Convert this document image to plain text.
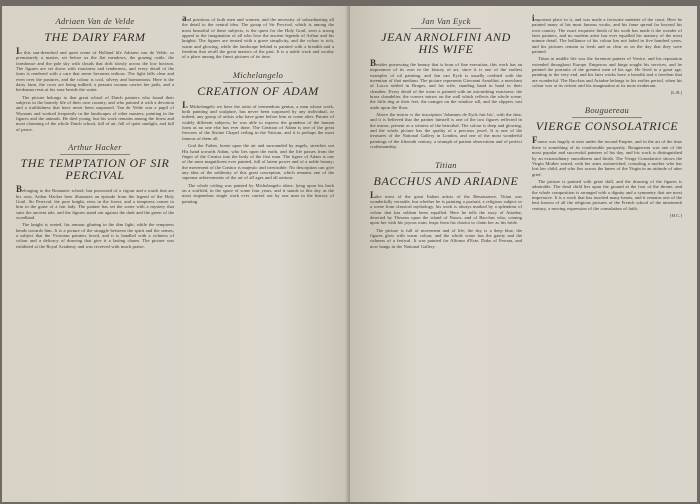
Adriaen Van de Velde
THE DAIRY FARM

In this sun-drenched and quiet scene of Holland life Adriaen van de Velde, so prematurely a master, set before us the flat meadows, the grazing cattle, the farmhouse and the pale sky with clouds that drift slowly across the low horizon. The figures are set down with exactness and tenderness, and every detail of the farm is rendered with a care that never becomes tedious. The light falls clear and even over the pastures, and the colour is cool, silvery and harmonious. Here is the dairy farm, the cows are being milked, a peasant woman carries her pails, and a herdsman rests at his ease beside the water.

The picture belongs to that great school of Dutch painters who found their subjects in the homely life of their own country, and who painted it with a devotion and a truthfulness that have never been surpassed. Van de Velde was a pupil of Wynants and worked frequently in the landscapes of other masters, painting in the figures and the animals. He died young, but his work remains among the finest and most charming of the whole Dutch school, full of air, full of quiet sunlight, and full of peace.

Arthur Hacker
THE TEMPTATION OF SIR PERCIVAL

Belonging to the Romantic school, but possessed of a vigour and a touch that are his own, Arthur Hacker here illustrates an episode from the legend of the Holy Grail. Sir Percival, the pure knight, rests in the forest, and a temptress comes to him in the guise of a fair lady. The painter has set the scene with a mystery that suits the ancient tale, and the figures stand out against the dark and the green of the woodland.

The knight is seated, his armour glinting in the dim light, while the temptress bends towards him. It is a picture of the struggle between the spirit and the senses, a subject that the Victorian painters loved, and it is handled with a richness of colour and a delicacy of drawing that give it a lasting charm. The picture was exhibited at the Royal Academy and was received with much praise.

and positions of both men and women, and the necessity of subordinating all the detail to the central idea. The group of Sir Percival, which is among the most beautiful of these subjects, is the quest for the Holy Grail, seen a strong appeal to the imagination of all who love the ancient legends of Arthur and his knights. The figures are treated with a grave simplicity, and the colour is rich, warm and glowing, while the landscape behind is painted with a breadth and a freedom that recall the great masters of the past. It is a noble work and worthy of a place among the finest pictures of its time.

Michelangelo
CREATION OF ADAM

In Michelangelo we have the artist of tremendous genius, a man whose work, both painting and sculpture, has never been surpassed by any individual, or indeed, any group of artists who have gone before him or come after. Painter of widely different subjects, he was able to express the grandeur of the human form as no one else has ever done. The Creation of Adam is one of the great frescoes of the Sistine Chapel ceiling in the Vatican, and it is perhaps the most famous of them all.

God the Father, borne upon the air and surrounded by angels, stretches out His hand towards Adam, who lies upon the earth, and the life passes from the finger of the Creator into the body of the first man. The figure of Adam is one of the most magnificent ever painted, full of latent power and of a noble beauty; the movement of the Creator is majestic and irresistible. No description can give any idea of the sublimity of this great conception, which remains one of the supreme achievements of the art of all ages and all nations.

The whole ceiling was painted by Michelangelo alone, lying upon his back on a scaffold, in the space of some four years, and it stands to this day as the most stupendous single work ever carried out by one man in the history of painting.

Jan Van Eyck
JEAN ARNOLFINI AND HIS WIFE

Besides possessing the beauty that is born of fine execution, this work has an importance of its own in the history of art, since it is one of the earliest examples of oil painting, and Jan van Eyck is usually credited with the invention of that medium. The picture represents Giovanni Arnolfini, a merchant of Lucca settled in Bruges, and his wife, standing hand in hand in their chamber. Every detail of the room is painted with an astonishing exactness: the brass chandelier, the convex mirror on the wall which reflects the whole scene, the little dog at their feet, the oranges on the window sill, and the slippers cast aside upon the floor.

Above the mirror is the inscription 'Johannes de Eyck fuit hic', with the date, and it is believed that the painter himself is one of the two figures reflected in the mirror, present as a witness of the betrothal. The colour is deep and glowing, and the whole picture has the quality of a precious jewel. It is one of the treasures of the National Gallery in London, and one of the most wonderful paintings of the fifteenth century, a triumph of patient observation and of perfect craftsmanship.

Titian
BACCHUS AND ARIADNE

Like most of the great Italian artists of the Renaissance, Titian was wonderfully versatile, but whether he is painting a portrait, a religious subject or a scene from classical mythology, his work is always marked by a splendour of colour that has seldom been equalled. Here he tells the story of Ariadne, deserted by Theseus upon the island of Naxos, and of Bacchus who, coming upon her with his joyous train, leaps from his chariot to claim her as his bride.

The picture is full of movement and of life; the sky is a deep blue, the figures glow with warm colour, and the whole scene has the gaiety and the richness of a festival. It was painted for Alfonso d'Este, Duke of Ferrara, and now hangs in the National Gallery.

important place in it, and was made a favourite member of the court. Here he painted many of his most famous works, and his fame spread far beyond his own country. The exact exquisite finish of his work has made it the wonder of later painters, and no modern artist has ever equalled his mastery of the most minute detail. The brilliance of his colour has not faded in five hundred years, and his pictures remain as fresh and as clear as on the day that they were painted.

Titian in middle life was the foremost painter of Venice, and his reputation extended throughout Europe. Emperors and kings sought his services, and he painted the portraits of the greatest men of his age. He lived to a great age, painting to the very end, and his later works have a breadth and a freedom that are wonderful. The Bacchus and Ariadne belongs to his earlier period, when his colour was at its richest and his imagination at its most exuberant.

[L.B.]
Bouguereau
VIERGE CONSOLATRICE

France was hugely at ease under the second Empire, and in the art of the time there is something of its comfortable prosperity. Bouguereau was one of the most popular and successful painters of his day, and his work is distinguished by an extraordinary smoothness and finish. The Vierge Consolatrice shows the Virgin Mother seated, with her arms outstretched, consoling a mother who has lost her child, and who lies across the knees of the Virgin in an attitude of utter grief.

The picture is painted with great skill, and the drawing of the figures is admirable. The dead child lies upon the ground at the foot of the throne, and the whole composition is arranged with a dignity and a symmetry that are most impressive. It is a work that has touched many hearts, and it remains one of the best known of all the religious pictures of the French school of the nineteenth century, a moving expression of the consolation of faith.

[H.C.]
